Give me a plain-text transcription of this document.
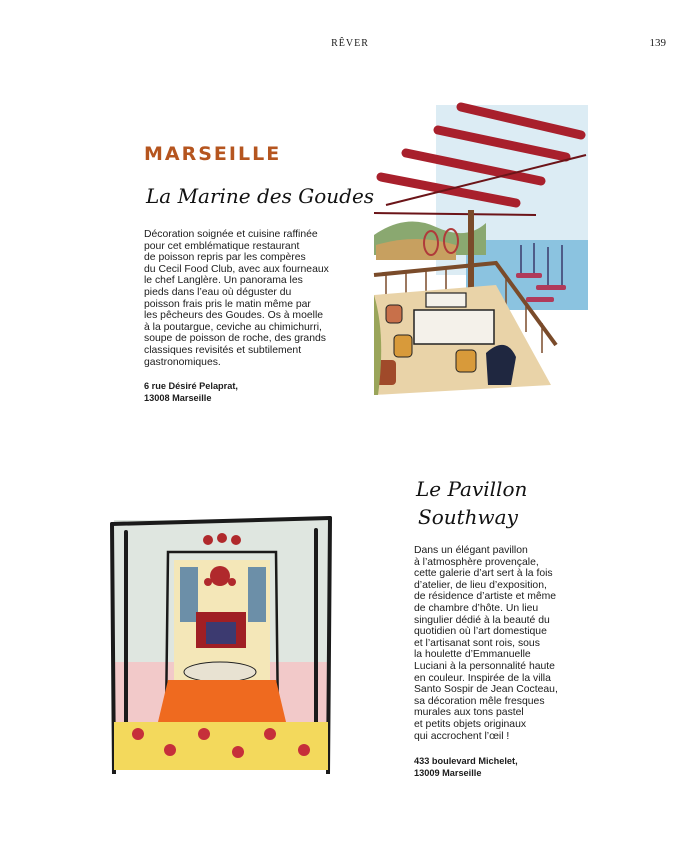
RÊVER	139
MARSEILLE
La Marine des Goudes
Décoration soignée et cuisine raffinée
pour cet emblématique restaurant
de poisson repris par les compères
du Cecil Food Club, avec aux fourneaux
le chef Langlère. Un panorama les
pieds dans l’eau où déguster du
poisson frais pris le matin même par
les pêcheurs des Goudes. Os à moelle
à la poutargue, ceviche au chimichurri,
soupe de poisson de roche, des grands
classiques revisités et subtilement
gastronomiques.
6 rue Désiré Pelaprat,
13008 Marseille
Le Pavillon
Southway
Dans un élégant pavillon
à l’atmosphère provençale,
cette galerie d’art sert à la fois
d’atelier, de lieu d’exposition,
de résidence d’artiste et même
de chambre d’hôte. Un lieu
singulier dédié à la beauté du
quotidien où l’art domestique
et l’artisanat sont rois, sous
la houlette d’Emmanuelle
Luciani à la personnalité haute
en couleur. Inspirée de la villa
Santo Sospir de Jean Cocteau,
sa décoration mêle fresques
murales aux tons pastel
et petits objets originaux
qui accrochent l’œil !
433 boulevard Michelet,
13009 Marseille
